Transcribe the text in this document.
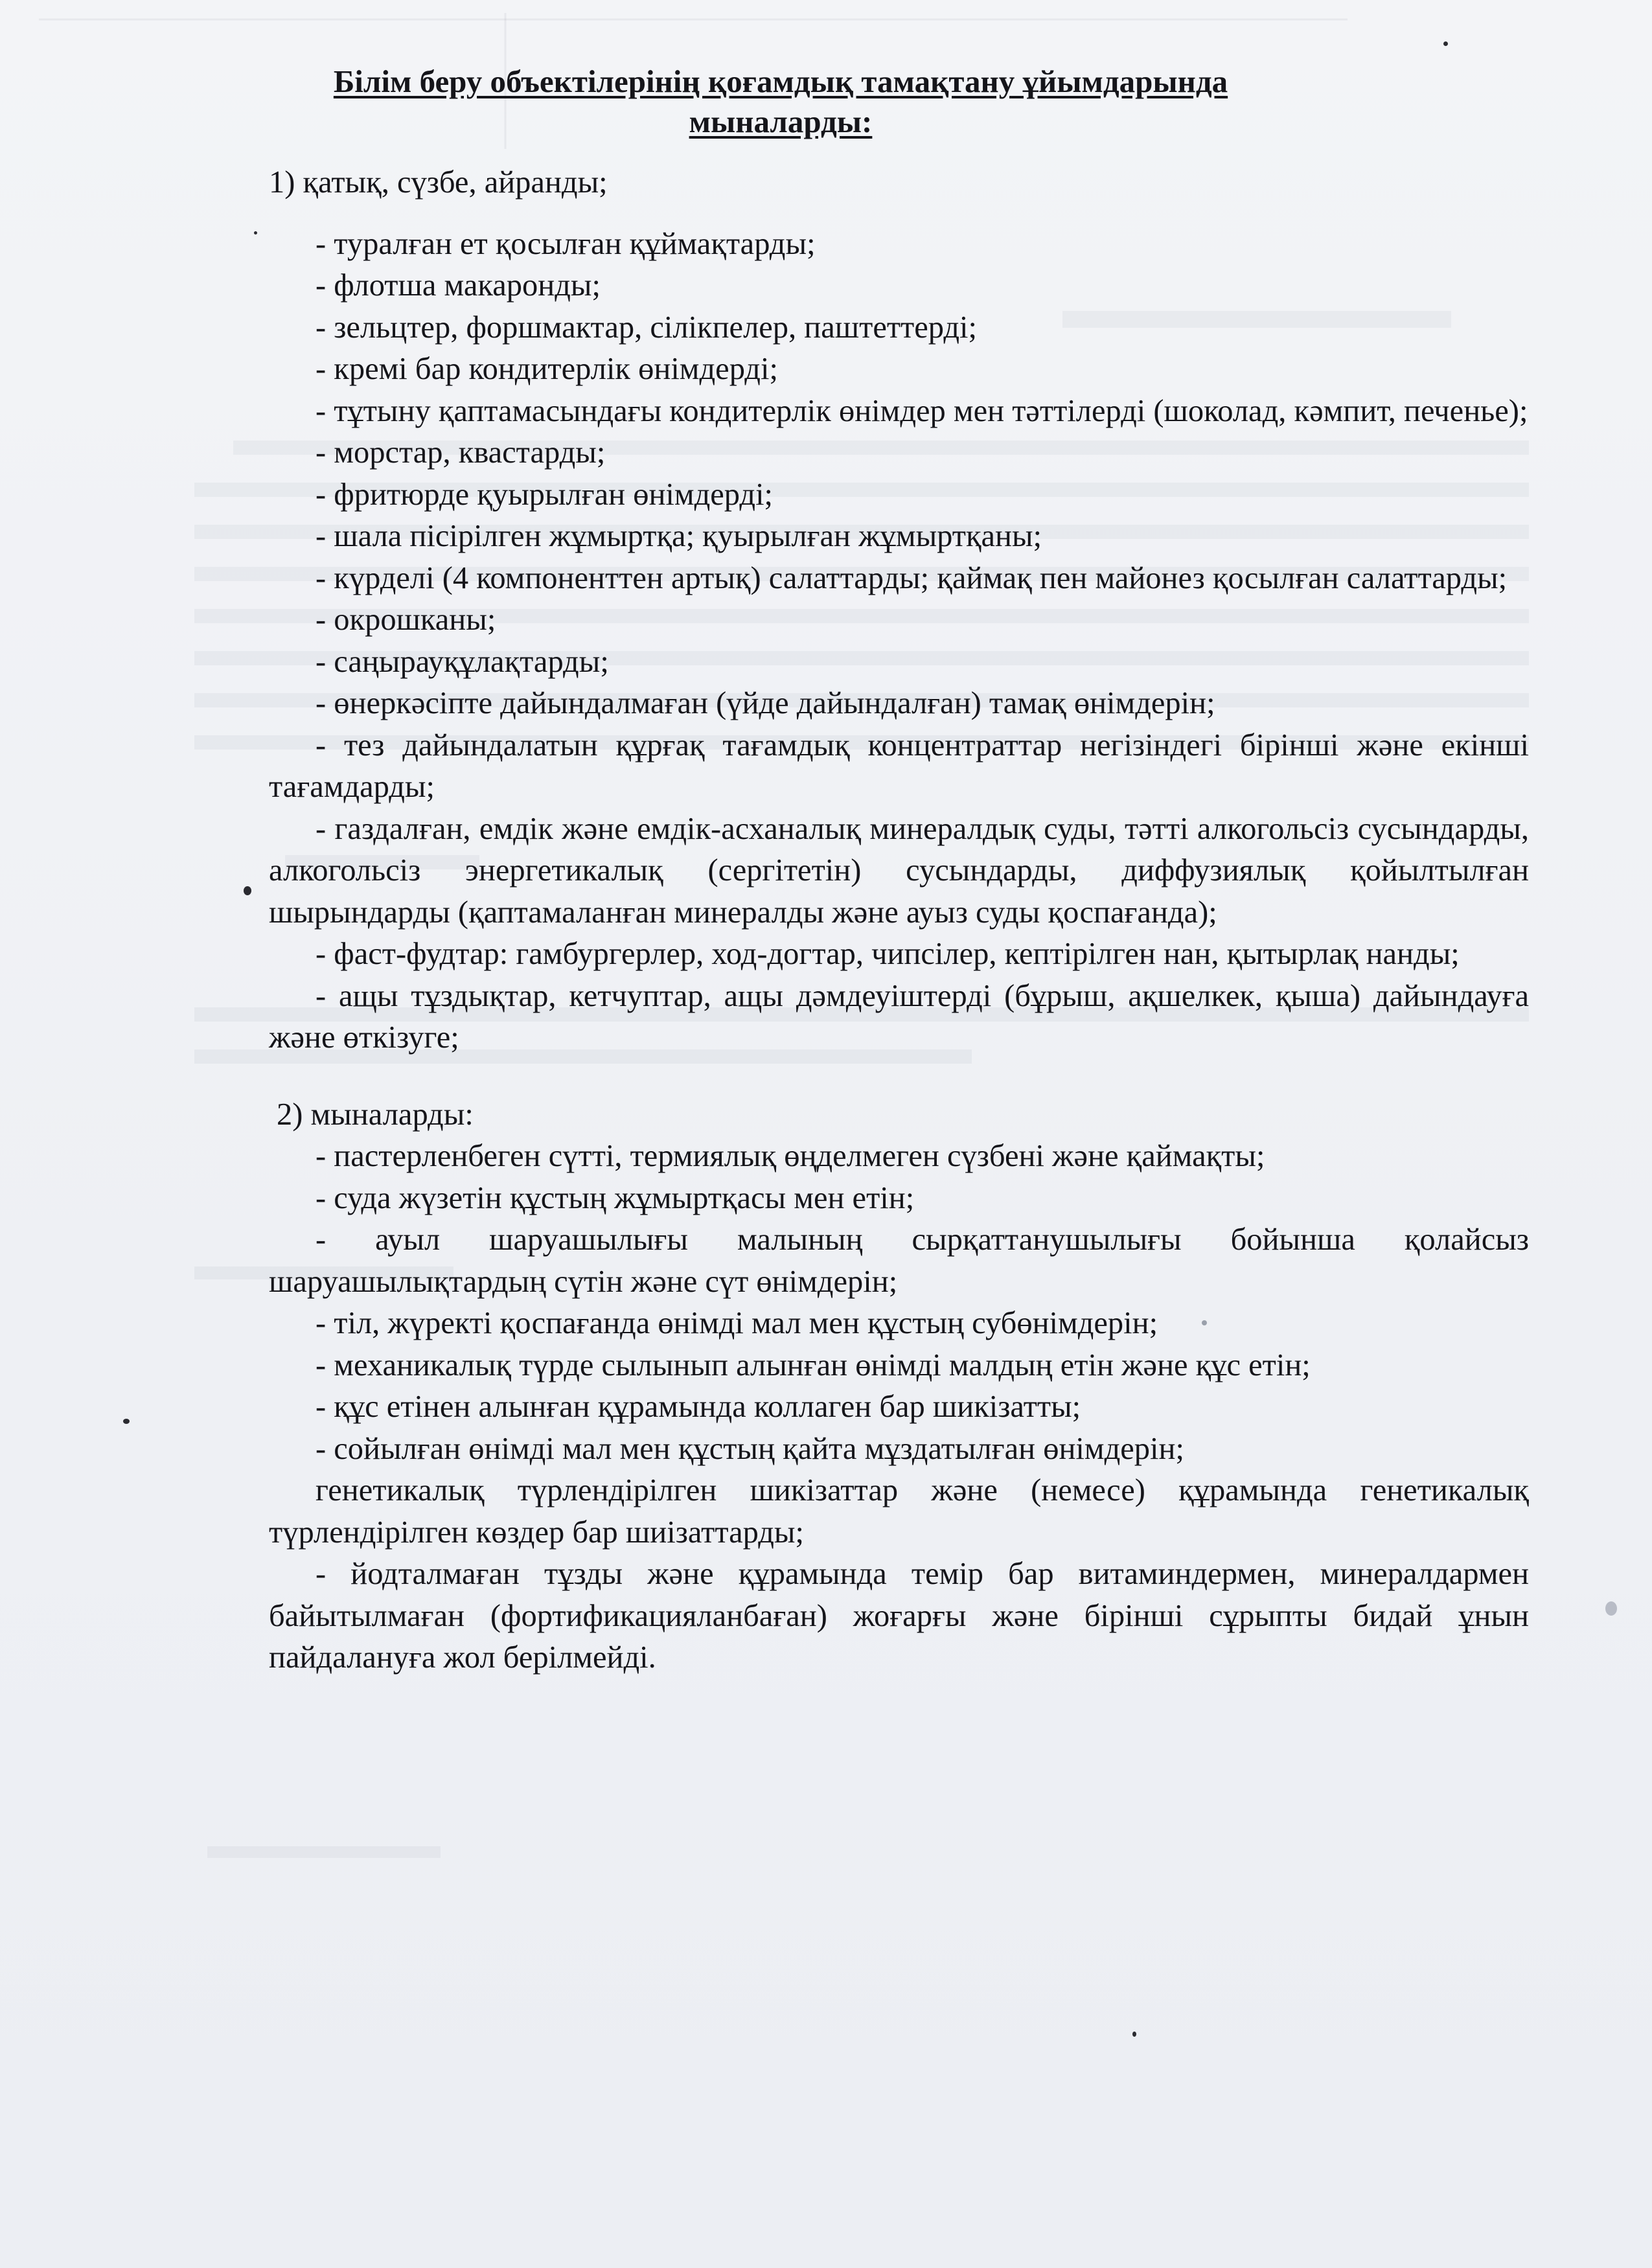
Білім беру объектілерінің қоғамдық тамақтану ұйымдарында мыналарды:

1) қатық, сүзбе, айранды;

- туралған ет қосылған құймақтарды;

- флотша макаронды;

- зельцтер, форшмактар, сілікпелер, паштеттерді;

- кремі бар кондитерлік өнімдерді;

- тұтыну қаптамасындағы кондитерлік өнімдер мен тәттілерді (шоколад, кәмпит, печенье);

- морстар, квастарды;

- фритюрде қуырылған өнімдерді;

- шала пісірілген жұмыртқа; қуырылған жұмыртқаны;

- күрделі (4 компоненттен артық) салаттарды; қаймақ пен майонез қосылған салаттарды;

- окрошканы;

- саңырауқұлақтарды;

- өнеркәсіпте дайындалмаған (үйде дайындалған) тамақ өнімдерін;

- тез дайындалатын құрғақ тағамдық концентраттар негізіндегі бірінші және екінші тағамдарды;

- газдалған, емдік және емдік-асханалық минералдық суды, тәтті алкогольсіз сусындарды, алкогольсіз энергетикалық (сергітетін) сусындарды, диффузиялық қойылтылған шырындарды (қаптамаланған минералды және ауыз суды қоспағанда);

- фаст-фудтар: гамбургерлер, ход-догтар, чипсілер, кептірілген нан, қытырлақ нанды;

- ащы тұздықтар, кетчуптар, ащы дәмдеуіштерді (бұрыш, ақшелкек, қыша) дайындауға және өткізуге;

2) мыналарды:

- пастерленбеген сүтті, термиялық өңделмеген сүзбені және қаймақты;

- суда жүзетін құстың жұмыртқасы мен етін;

- ауыл шаруашылығы малының сырқаттанушылығы бойынша қолайсыз шаруашылықтардың сүтін және сүт өнімдерін;

- тіл, жүректі қоспағанда өнімді мал мен құстың субөнімдерін;

- механикалық түрде сылынып алынған өнімді малдың етін және құс етін;

- құс етінен алынған құрамында коллаген бар шикізатты;

- сойылған өнімді мал мен құстың қайта мұздатылған өнімдерін;

генетикалық түрлендірілген шикізаттар және (немесе) құрамында генетикалық түрлендірілген көздер бар шиізаттарды;

- йодталмаған тұзды және құрамында темір бар витаминдермен, минералдармен байытылмаған (фортификацияланбаған) жоғарғы және бірінші сұрыпты бидай ұнын пайдалануға жол берілмейді.
